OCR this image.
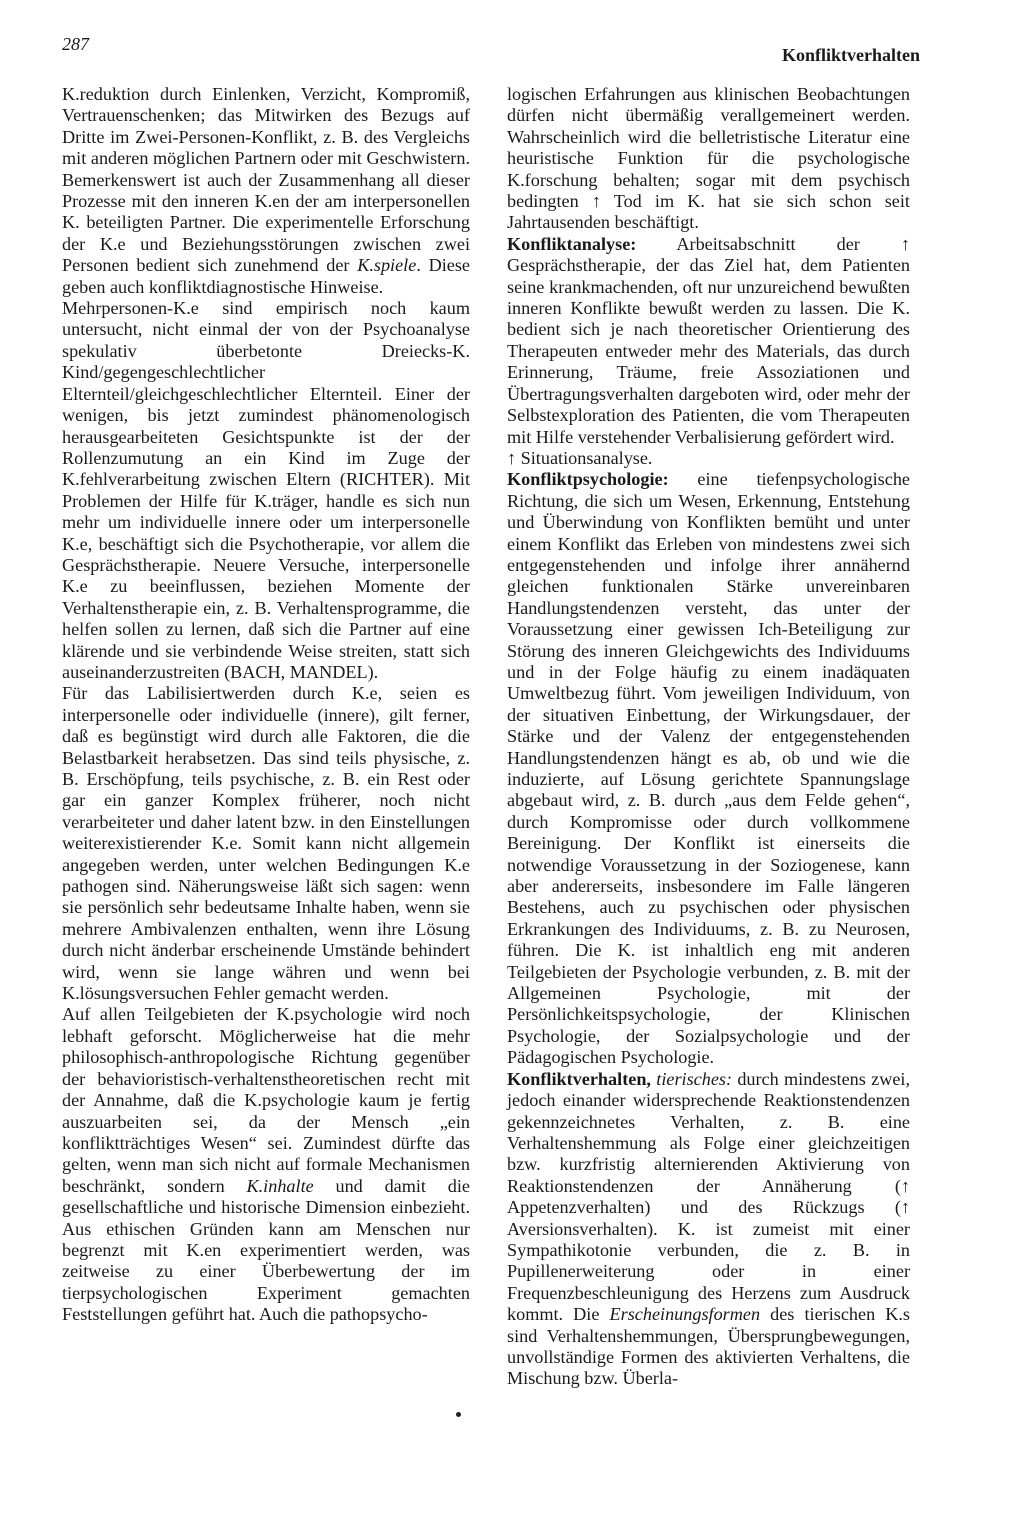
287
Konfliktverhalten

K.reduktion durch Einlenken, Verzicht, Kompromiß, Vertrauenschenken; das Mitwirken des Bezugs auf Dritte im Zwei-Personen-Konflikt, z. B. des Vergleichs mit anderen möglichen Partnern oder mit Geschwistern. Bemerkenswert ist auch der Zusammenhang all dieser Prozesse mit den inneren K.en der am interpersonellen K. beteiligten Partner. Die experimentelle Erforschung der K.e und Beziehungsstörungen zwischen zwei Personen bedient sich zunehmend der K.spiele. Diese geben auch konfliktdiagnostische Hinweise.

Mehrpersonen-K.e sind empirisch noch kaum untersucht, nicht einmal der von der Psychoanalyse spekulativ überbetonte Dreiecks-K. Kind/gegengeschlechtlicher Elternteil/gleichgeschlechtlicher Elternteil. Einer der wenigen, bis jetzt zumindest phänomenologisch herausgearbeiteten Gesichtspunkte ist der der Rollenzumutung an ein Kind im Zuge der K.fehlverarbeitung zwischen Eltern (RICHTER). Mit Problemen der Hilfe für K.träger, handle es sich nun mehr um individuelle innere oder um interpersonelle K.e, beschäftigt sich die Psychotherapie, vor allem die Gesprächstherapie. Neuere Versuche, interpersonelle K.e zu beeinflussen, beziehen Momente der Verhaltenstherapie ein, z. B. Verhaltensprogramme, die helfen sollen zu lernen, daß sich die Partner auf eine klärende und sie verbindende Weise streiten, statt sich auseinanderzustreiten (BACH, MANDEL).

Für das Labilisiertwerden durch K.e, seien es interpersonelle oder individuelle (innere), gilt ferner, daß es begünstigt wird durch alle Faktoren, die die Belastbarkeit herabsetzen. Das sind teils physische, z. B. Erschöpfung, teils psychische, z. B. ein Rest oder gar ein ganzer Komplex früherer, noch nicht verarbeiteter und daher latent bzw. in den Einstellungen weiterexistierender K.e. Somit kann nicht allgemein angegeben werden, unter welchen Bedingungen K.e pathogen sind. Näherungsweise läßt sich sagen: wenn sie persönlich sehr bedeutsame Inhalte haben, wenn sie mehrere Ambivalenzen enthalten, wenn ihre Lösung durch nicht änderbar erscheinende Umstände behindert wird, wenn sie lange währen und wenn bei K.lösungsversuchen Fehler gemacht werden.

Auf allen Teilgebieten der K.psychologie wird noch lebhaft geforscht. Möglicherweise hat die mehr philosophisch-anthropologische Richtung gegenüber der behavioristisch-verhaltenstheoretischen recht mit der Annahme, daß die K.psychologie kaum je fertig auszuarbeiten sei, da der Mensch „ein konfliktträchtiges Wesen“ sei. Zumindest dürfte das gelten, wenn man sich nicht auf formale Mechanismen beschränkt, sondern K.inhalte und damit die gesellschaftliche und historische Dimension einbezieht. Aus ethischen Gründen kann am Menschen nur begrenzt mit K.en experimentiert werden, was zeitweise zu einer Überbewertung der im tierpsychologischen Experiment gemachten Feststellungen geführt hat. Auch die pathopsycho-

logischen Erfahrungen aus klinischen Beobachtungen dürfen nicht übermäßig verallgemeinert werden. Wahrscheinlich wird die belletristische Literatur eine heuristische Funktion für die psychologische K.forschung behalten; sogar mit dem psychisch bedingten ↑ Tod im K. hat sie sich schon seit Jahrtausenden beschäftigt.

Konfliktanalyse: Arbeitsabschnitt der ↑ Gesprächstherapie, der das Ziel hat, dem Patienten seine krankmachenden, oft nur unzureichend bewußten inneren Konflikte bewußt werden zu lassen. Die K. bedient sich je nach theoretischer Orientierung des Therapeuten entweder mehr des Materials, das durch Erinnerung, Träume, freie Assoziationen und Übertragungsverhalten dargeboten wird, oder mehr der Selbstexploration des Patienten, die vom Therapeuten mit Hilfe verstehender Verbalisierung gefördert wird.

↑ Situationsanalyse.

Konfliktpsychologie: eine tiefenpsychologische Richtung, die sich um Wesen, Erkennung, Entstehung und Überwindung von Konflikten bemüht und unter einem Konflikt das Erleben von mindestens zwei sich entgegenstehenden und infolge ihrer annähernd gleichen funktionalen Stärke unvereinbaren Handlungstendenzen versteht, das unter der Voraussetzung einer gewissen Ich-Beteiligung zur Störung des inneren Gleichgewichts des Individuums und in der Folge häufig zu einem inadäquaten Umweltbezug führt. Vom jeweiligen Individuum, von der situativen Einbettung, der Wirkungsdauer, der Stärke und der Valenz der entgegenstehenden Handlungstendenzen hängt es ab, ob und wie die induzierte, auf Lösung gerichtete Spannungslage abgebaut wird, z. B. durch „aus dem Felde gehen“, durch Kompromisse oder durch vollkommene Bereinigung. Der Konflikt ist einerseits die notwendige Voraussetzung in der Soziogenese, kann aber andererseits, insbesondere im Falle längeren Bestehens, auch zu psychischen oder physischen Erkrankungen des Individuums, z. B. zu Neurosen, führen. Die K. ist inhaltlich eng mit anderen Teilgebieten der Psychologie verbunden, z. B. mit der Allgemeinen Psychologie, mit der Persönlichkeitspsychologie, der Klinischen Psychologie, der Sozialpsychologie und der Pädagogischen Psychologie.

Konfliktverhalten, tierisches: durch mindestens zwei, jedoch einander widersprechende Reaktionstendenzen gekennzeichnetes Verhalten, z. B. eine Verhaltenshemmung als Folge einer gleichzeitigen bzw. kurzfristig alternierenden Aktivierung von Reaktionstendenzen der Annäherung (↑ Appetenzverhalten) und des Rückzugs (↑ Aversionsverhalten). K. ist zumeist mit einer Sympathikotonie verbunden, die z. B. in Pupillenerweiterung oder in einer Frequenzbeschleunigung des Herzens zum Ausdruck kommt. Die Erscheinungsformen des tierischen K.s sind Verhaltenshemmungen, Übersprungbewegungen, unvollständige Formen des aktivierten Verhaltens, die Mischung bzw. Überla-
